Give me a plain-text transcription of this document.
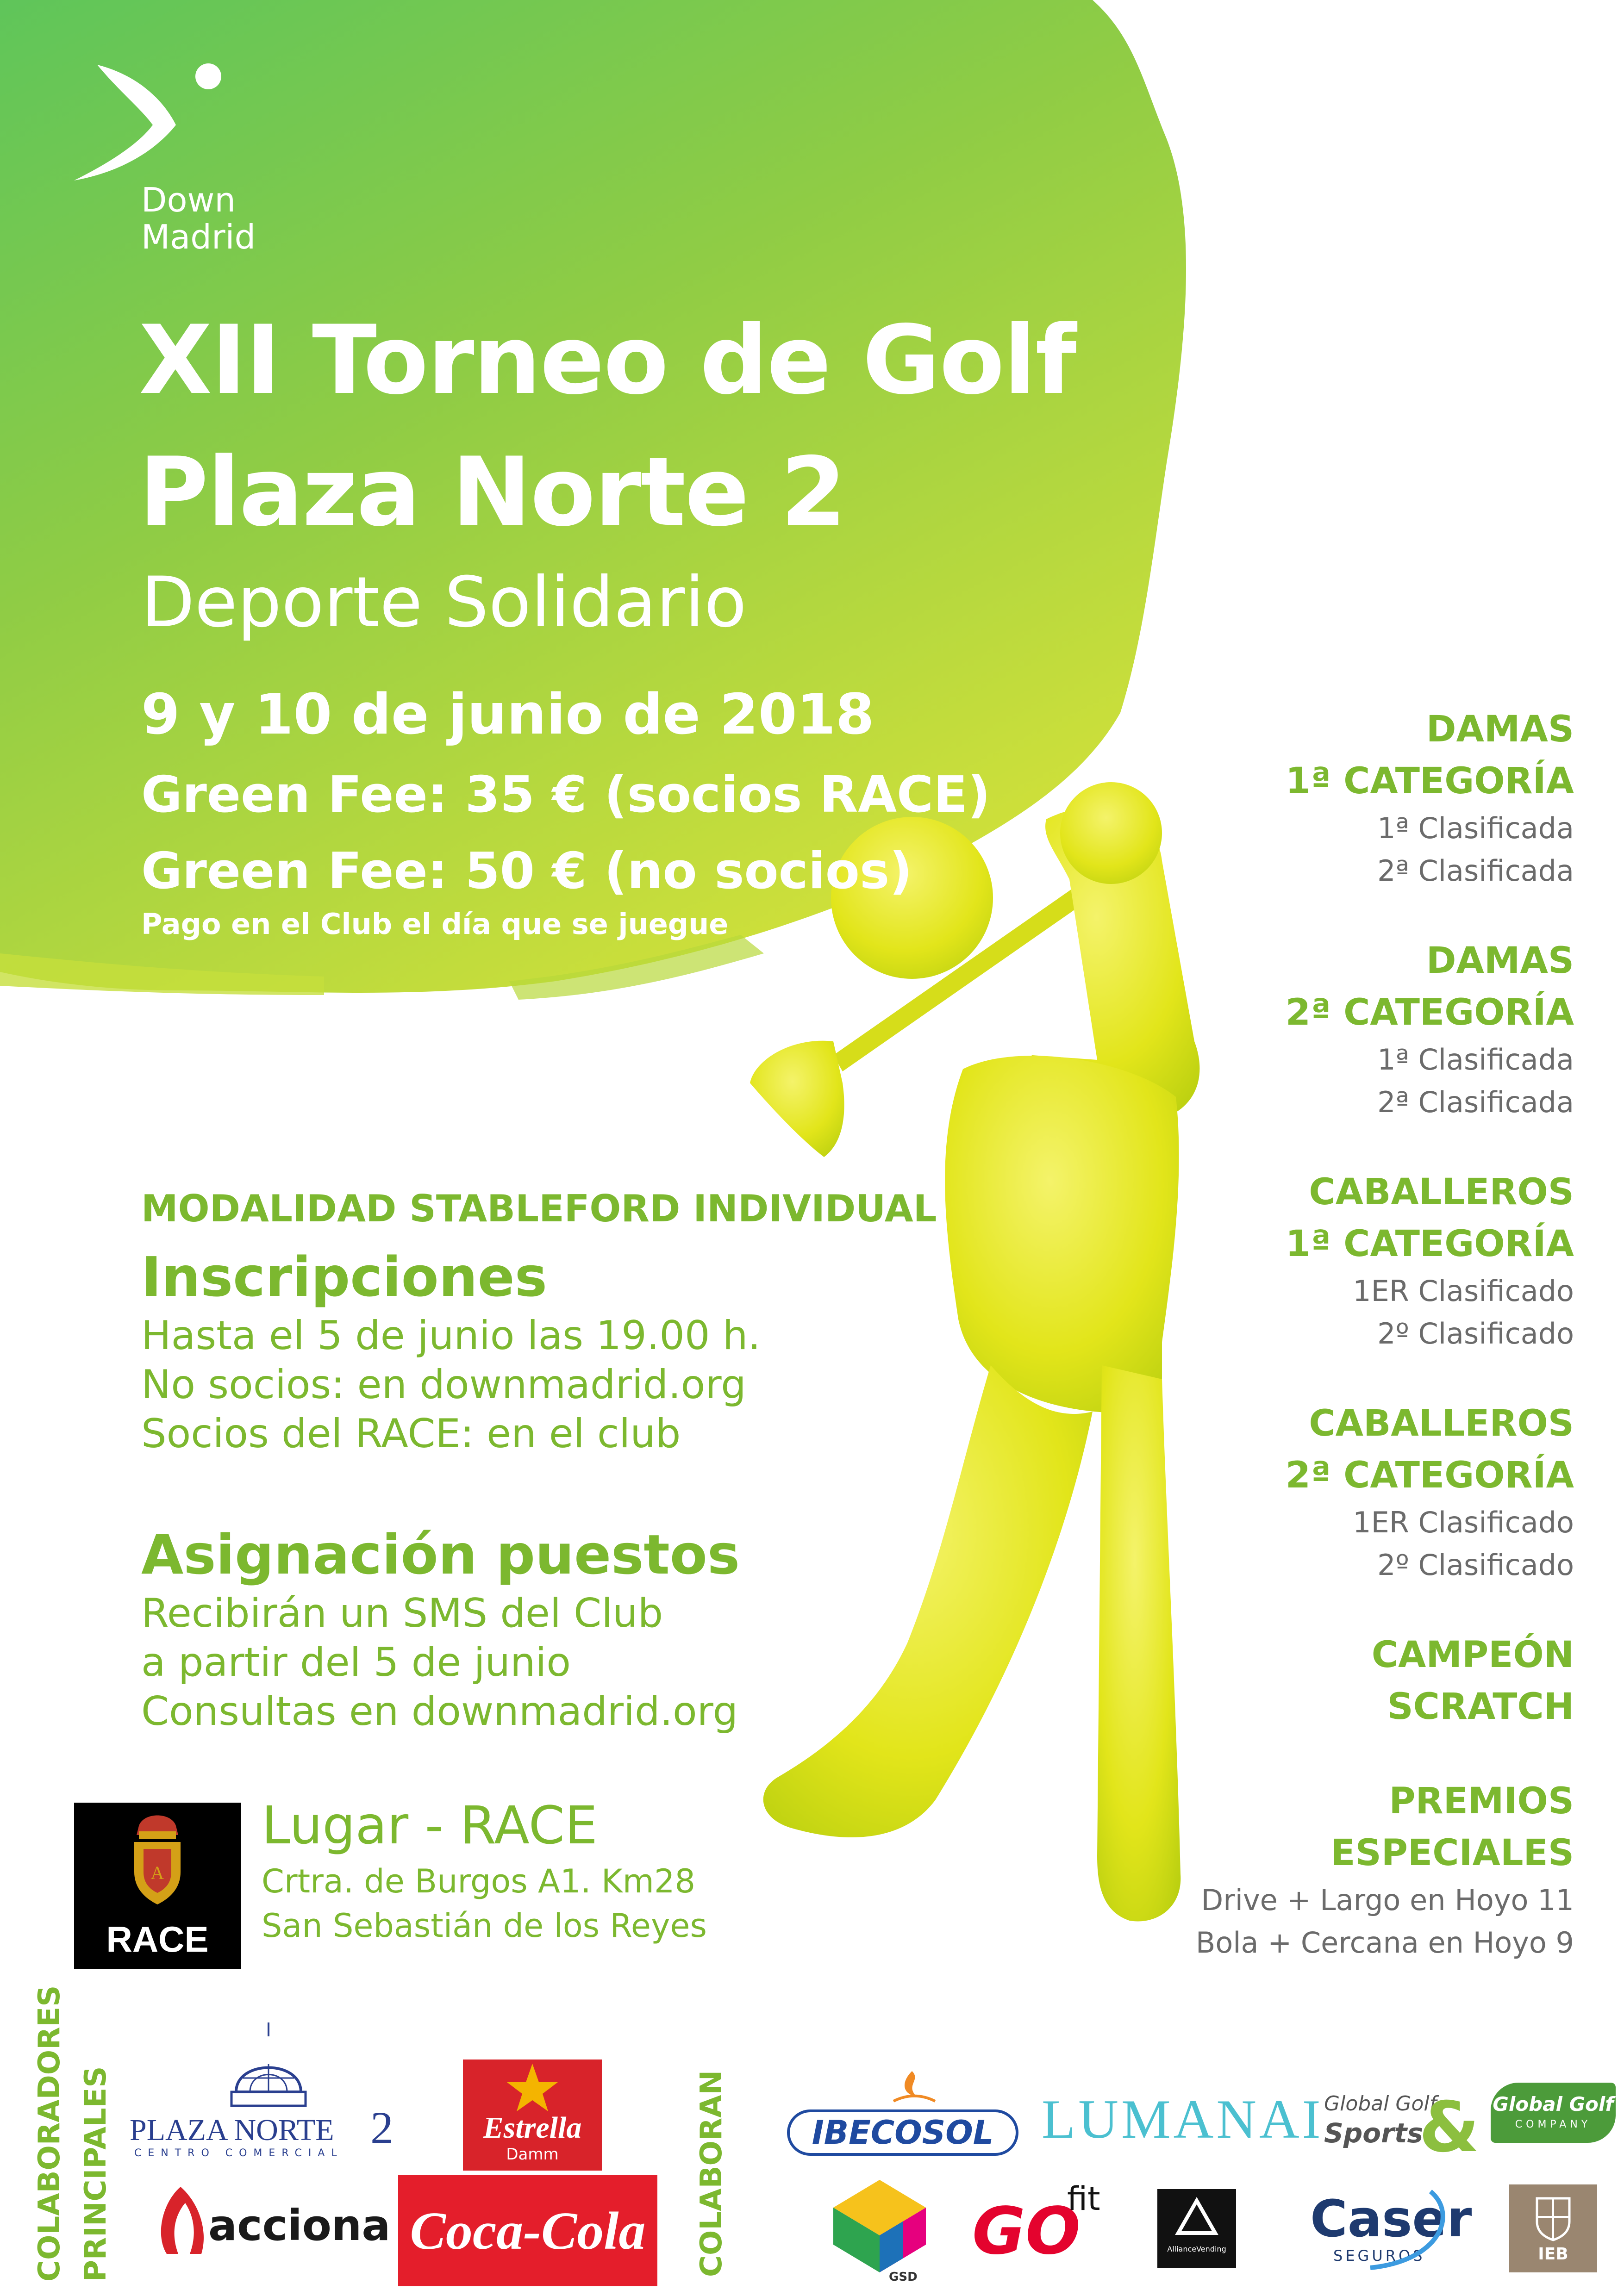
Down
Madrid
XII Torneo de Golf
Plaza Norte 2
Deporte Solidario
9 y 10 de junio de 2018
Green Fee: 35 € (socios RACE)
Green Fee: 50 € (no socios)
Pago en el Club el día que se juegue
MODALIDAD STABLEFORD INDIVIDUAL
Inscripciones
Hasta el 5 de junio las 19.00 h.
No socios: en downmadrid.org
Socios del RACE: en el club
Asignación puestos
Recibirán un SMS del Club
a partir del 5 de junio
Consultas en downmadrid.org
A
RACE
Lugar - RACE
Crtra. de Burgos A1. Km28
San Sebastián de los Reyes
DAMAS
1ª CATEGORÍA
1ª Clasificada
2ª Clasificada
DAMAS
2ª CATEGORÍA
1ª Clasificada
2ª Clasificada
CABALLEROS
1ª CATEGORÍA
1ER Clasificado
2º Clasificado
CABALLEROS
2ª CATEGORÍA
1ER Clasificado
2º Clasificado
CAMPEÓN
SCRATCH
PREMIOS
ESPECIALES
Drive + Largo en Hoyo 11
Bola + Cercana en Hoyo 9
COLABORADORES PRINCIPALES	COLABORAN
PLAZA NORTE 2
CENTRO COMERCIAL
Estrella
Damm
acciona Coca-Cola
IBECOSOL LUMANAI Global Golf
Sports
& Global Golf
COMPANY
GSD
GO
fit
AllianceVending
Caser
SEGUROS	IEB
